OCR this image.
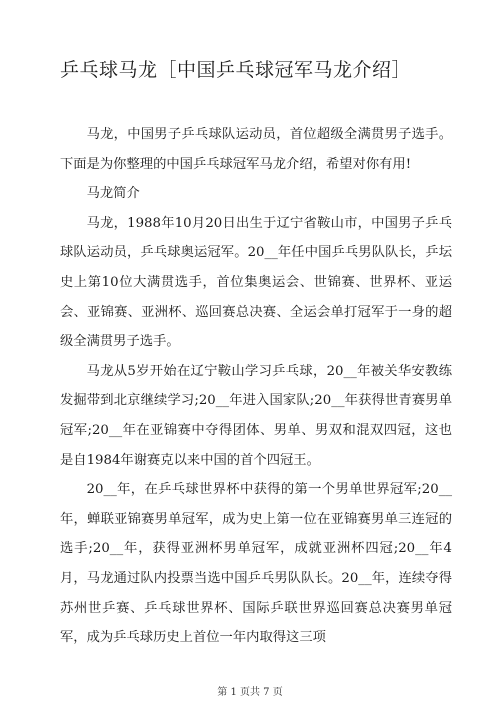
乒乓球马龙［中国乒乓球冠军马龙介绍］

马龙，中国男子乒乓球队运动员，首位超级全满贯男子选手。下面是为你整理的中国乒乓球冠军马龙介绍，希望对你有用!

马龙简介

马龙，1988年10月20日出生于辽宁省鞍山市，中国男子乒乓球队运动员，乒乓球奥运冠军。20__年任中国乒乓男队队长，乒坛史上第10位大满贯选手，首位集奥运会、世锦赛、世界杯、亚运会、亚锦赛、亚洲杯、巡回赛总决赛、全运会单打冠军于一身的超级全满贯男子选手。

马龙从5岁开始在辽宁鞍山学习乒乓球，20__年被关华安教练发掘带到北京继续学习;20__年进入国家队;20__年获得世青赛男单冠军;20__年在亚锦赛中夺得团体、男单、男双和混双四冠，这也是自1984年谢赛克以来中国的首个四冠王。

20__年，在乒乓球世界杯中获得的第一个男单世界冠军;20__年，蝉联亚锦赛男单冠军，成为史上第一位在亚锦赛男单三连冠的选手;20__年，获得亚洲杯男单冠军，成就亚洲杯四冠;20__年4月，马龙通过队内投票当选中国乒乓男队队长。20__年，连续夺得苏州世乒赛、乒乓球世界杯、国际乒联世界巡回赛总决赛男单冠军，成为乒乓球历史上首位一年内取得这三项

第 1 页共 7 页
